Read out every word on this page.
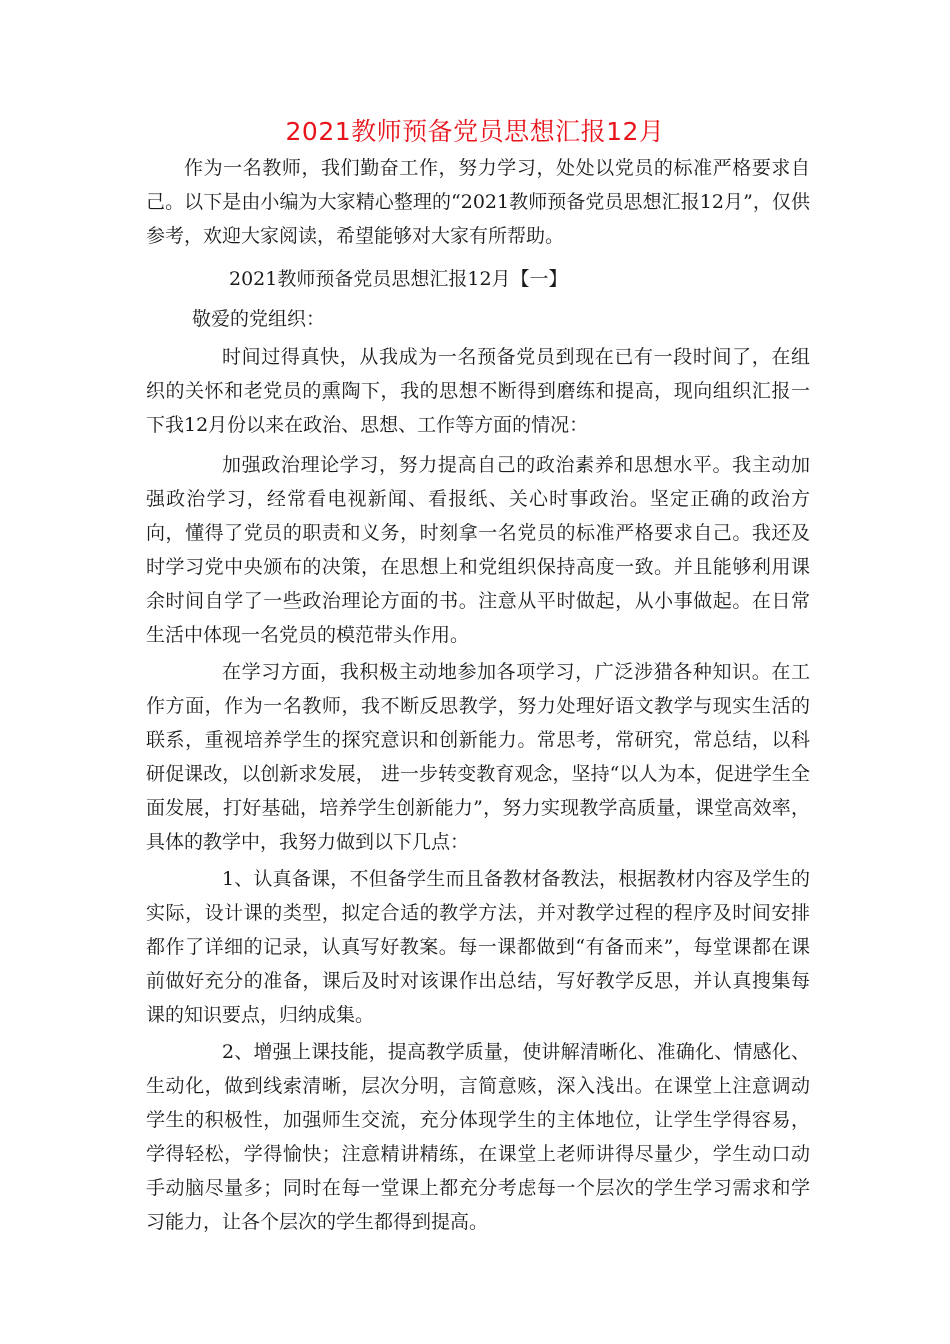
2021教师预备党员思想汇报12月

作为一名教师，我们勤奋工作，努力学习，处处以党员的标准严格要求自己。以下是由小编为大家精心整理的“2021教师预备党员思想汇报12月”，仅供参考，欢迎大家阅读，希望能够对大家有所帮助。

2021教师预备党员思想汇报12月【一】

敬爱的党组织：

时间过得真快，从我成为一名预备党员到现在已有一段时间了，在组织的关怀和老党员的熏陶下，我的思想不断得到磨练和提高，现向组织汇报一下我12月份以来在政治、思想、工作等方面的情况：

加强政治理论学习，努力提高自己的政治素养和思想水平。我主动加强政治学习，经常看电视新闻、看报纸、关心时事政治。坚定正确的政治方向，懂得了党员的职责和义务，时刻拿一名党员的标准严格要求自己。我还及时学习党中央颁布的决策，在思想上和党组织保持高度一致。并且能够利用课余时间自学了一些政治理论方面的书。注意从平时做起，从小事做起。在日常生活中体现一名党员的模范带头作用。

在学习方面，我积极主动地参加各项学习，广泛涉猎各种知识。在工作方面，作为一名教师，我不断反思教学，努力处理好语文教学与现实生活的联系，重视培养学生的探究意识和创新能力。常思考，常研究，常总结，以科研促课改，以创新求发展， 进一步转变教育观念，坚持“以人为本，促进学生全面发展，打好基础，培养学生创新能力”，努力实现教学高质量，课堂高效率，具体的教学中，我努力做到以下几点：

1、认真备课，不但备学生而且备教材备教法，根据教材内容及学生的实际，设计课的类型，拟定合适的教学方法，并对教学过程的程序及时间安排都作了详细的记录，认真写好教案。每一课都做到“有备而来”，每堂课都在课前做好充分的准备，课后及时对该课作出总结，写好教学反思，并认真搜集每课的知识要点，归纳成集。

2、增强上课技能，提高教学质量，使讲解清晰化、准确化、情感化、生动化，做到线索清晰，层次分明，言简意赅，深入浅出。在课堂上注意调动学生的积极性，加强师生交流，充分体现学生的主体地位，让学生学得容易，学得轻松，学得愉快；注意精讲精练，在课堂上老师讲得尽量少，学生动口动手动脑尽量多；同时在每一堂课上都充分考虑每一个层次的学生学习需求和学习能力，让各个层次的学生都得到提高。
